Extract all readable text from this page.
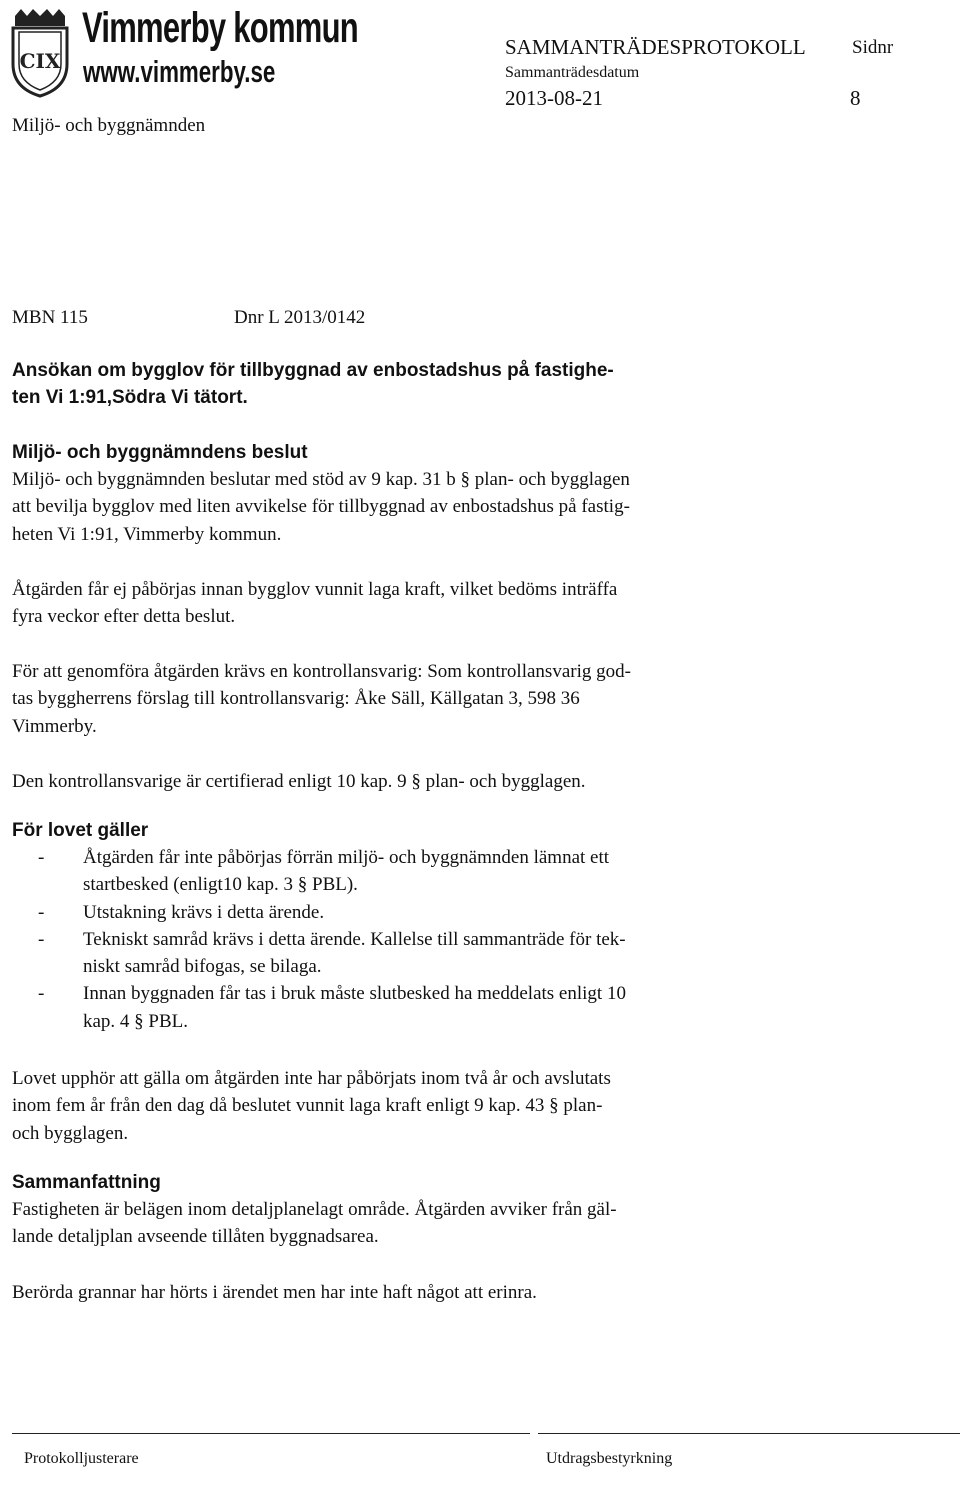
CIX
Vimmerby kommun
www.vimmerby.se
Miljö- och byggnämnden
SAMMANTRÄDESPROTOKOLL Sidnr
Sammanträdesdatum
2013-08-21	8
MBN 115	Dnr L 2013/0142
Ansökan om bygglov för tillbyggnad av enbostadshus på fastighe-
ten Vi 1:91,Södra Vi tätort.
Miljö- och byggnämndens beslut
Miljö- och byggnämnden beslutar med stöd av 9 kap. 31 b § plan- och bygglagen
att bevilja bygglov med liten avvikelse för tillbyggnad av enbostadshus på fastig-
heten Vi 1:91, Vimmerby kommun.
Åtgärden får ej påbörjas innan bygglov vunnit laga kraft, vilket bedöms inträffa
fyra veckor efter detta beslut.
För att genomföra åtgärden krävs en kontrollansvarig: Som kontrollansvarig god-
tas byggherrens förslag till kontrollansvarig: Åke Säll, Källgatan 3, 598 36
Vimmerby.
Den kontrollansvarige är certifierad enligt 10 kap. 9 § plan- och bygglagen.
För lovet gäller
- Åtgärden får inte påbörjas förrän miljö- och byggnämnden lämnat ett
startbesked (enligt10 kap. 3 § PBL).
- Utstakning krävs i detta ärende.
- Tekniskt samråd krävs i detta ärende. Kallelse till sammanträde för tek-
niskt samråd bifogas, se bilaga.
- Innan byggnaden får tas i bruk måste slutbesked ha meddelats enligt 10
kap. 4 § PBL.
Lovet upphör att gälla om åtgärden inte har påbörjats inom två år och avslutats
inom fem år från den dag då beslutet vunnit laga kraft enligt 9 kap. 43 § plan-
och bygglagen.
Sammanfattning
Fastigheten är belägen inom detaljplanelagt område. Åtgärden avviker från gäl-
lande detaljplan avseende tillåten byggnadsarea.
Berörda grannar har hörts i ärendet men har inte haft något att erinra.
Protokolljusterare	Utdragsbestyrkning
